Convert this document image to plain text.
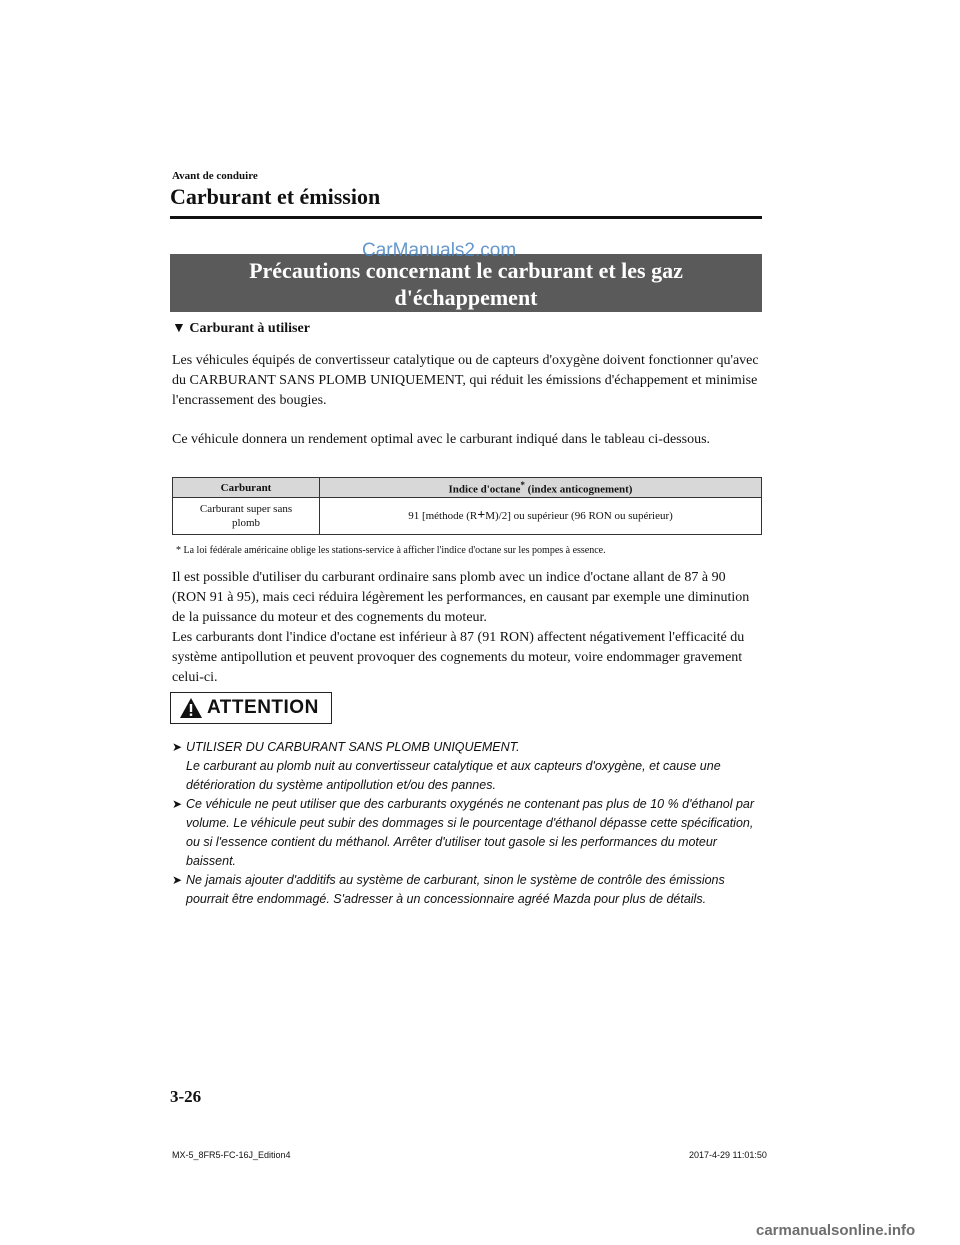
Avant de conduire
Carburant et émission
Précautions concernant le carburant et les gaz
d'échappement
CarManuals2.com
▼ Carburant à utiliser
Les véhicules équipés de convertisseur catalytique ou de capteurs d'oxygène doivent fonctionner qu'avec du CARBURANT SANS PLOMB UNIQUEMENT, qui réduit les émissions d'échappement et minimise l'encrassement des bougies.
Ce véhicule donnera un rendement optimal avec le carburant indiqué dans le tableau ci-dessous.
Carburant	Indice d'octane* (index anticognement)

Carburant super sans plomb	91 [méthode (R+M)/2] ou supérieur (96 RON ou supérieur)
* La loi fédérale américaine oblige les stations-service à afficher l'indice d'octane sur les pompes à essence.
Il est possible d'utiliser du carburant ordinaire sans plomb avec un indice d'octane allant de 87 à 90 (RON 91 à 95), mais ceci réduira légèrement les performances, en causant par exemple une diminution de la puissance du moteur et des cognements du moteur.
Les carburants dont l'indice d'octane est inférieur à 87 (91 RON) affectent négativement l'efficacité du système antipollution et peuvent provoquer des cognements du moteur, voire endommager gravement celui-ci.
ATTENTION
➤ UTILISER DU CARBURANT SANS PLOMB UNIQUEMENT.
Le carburant au plomb nuit au convertisseur catalytique et aux capteurs d'oxygène, et cause une détérioration du système antipollution et/ou des pannes.
➤ Ce véhicule ne peut utiliser que des carburants oxygénés ne contenant pas plus de 10 % d'éthanol par volume. Le véhicule peut subir des dommages si le pourcentage d'éthanol dépasse cette spécification, ou si l'essence contient du méthanol. Arrêter d'utiliser tout gasole si les performances du moteur baissent.
➤ Ne jamais ajouter d'additifs au système de carburant, sinon le système de contrôle des émissions pourrait être endommagé. S'adresser à un concessionnaire agréé Mazda pour plus de détails.
3-26
MX-5_8FR5-FC-16J_Edition4	2017-4-29 11:01:50
carmanualsonline.info
